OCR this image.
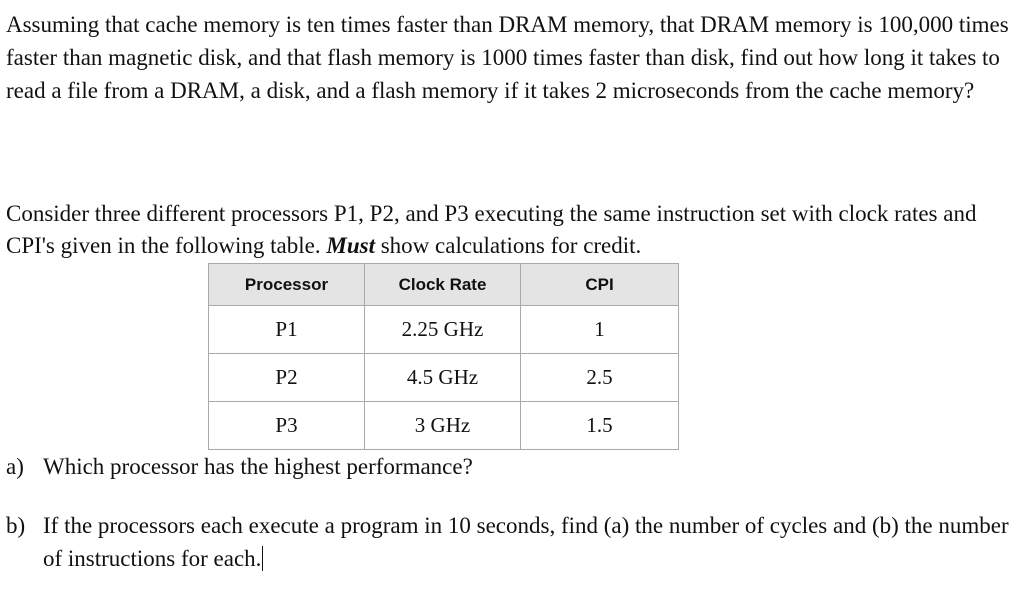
Assuming that cache memory is ten times faster than DRAM memory, that DRAM memory is 100,000 times faster than magnetic disk, and that flash memory is 1000 times faster than disk, find out how long it takes to read a file from a DRAM, a disk, and a flash memory if it takes 2 microseconds from the cache memory?

Consider three different processors P1, P2, and P3 executing the same instruction set with clock rates and CPI's given in the following table. Must show calculations for credit.

Processor	Clock Rate	CPI
P1	2.25 GHz	1
P2	4.5 GHz	2.5
P3	3 GHz	1.5
a) Which processor has the highest performance?
b) If the processors each execute a program in 10 seconds, find (a) the number of cycles and (b) the number of instructions for each.
